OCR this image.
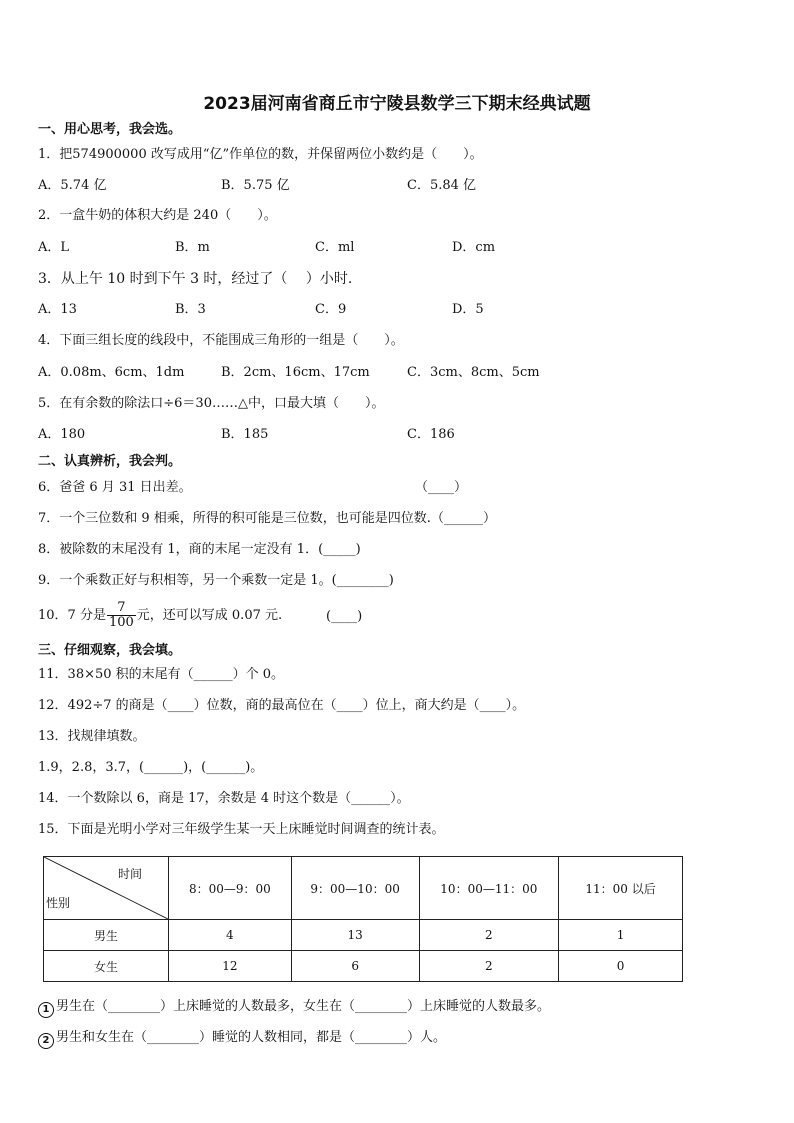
2023届河南省商丘市宁陵县数学三下期末经典试题
一、用心思考，我会选。
1．把574900000 改写成用“亿”作单位的数，并保留两位小数约是（　　）。
A．5.74 亿	B．5.75 亿	C．5.84 亿
2．一盒牛奶的体积大约是 240（　　）。
A．L	B．m	C．ml	D．cm
3．从上午 10 时到下午 3 时，经过了（　 ）小时.
A．13	B．3	C．9	D．5
4．下面三组长度的线段中，不能围成三角形的一组是（　　）。
A．0.08m、6cm、1dm	B．2cm、16cm、17cm	C．3cm、8cm、5cm
5．在有余数的除法口÷6＝30……△中，口最大填（　　）。
A．180	B．185	C．186
二、认真辨析，我会判。
6．爸爸 6 月 31 日出差。	（____）
7．一个三位数和 9 相乘，所得的积可能是三位数，也可能是四位数.（______）
8．被除数的末尾没有 1，商的末尾一定没有 1．(_____)
9．一个乘数正好与积相等，另一个乘数一定是 1。(________)
10．7 分是 $\frac{7}{100}$ 元，还可以写成 0.07 元.	(____)
三、仔细观察，我会填。
11．38×50 积的末尾有（______）个 0。
12．492÷7 的商是（____）位数，商的最高位在（____）位上，商大约是（____）。
13．找规律填数。
1.9，2.8，3.7，(______)，(______)。
14．一个数除以 6，商是 17，余数是 4 时这个数是（______）。
15．下面是光明小学对三年级学生某一天上床睡觉时间调查的统计表。
时间
性别	8：00—9：00	9：00—10：00	10：00—11：00	11：00 以后
男生	4	13	2	1
女生	12	6	2	0
1 男生在（________）上床睡觉的人数最多，女生在（________）上床睡觉的人数最多。
2 男生和女生在（________）睡觉的人数相同，都是（________）人。
